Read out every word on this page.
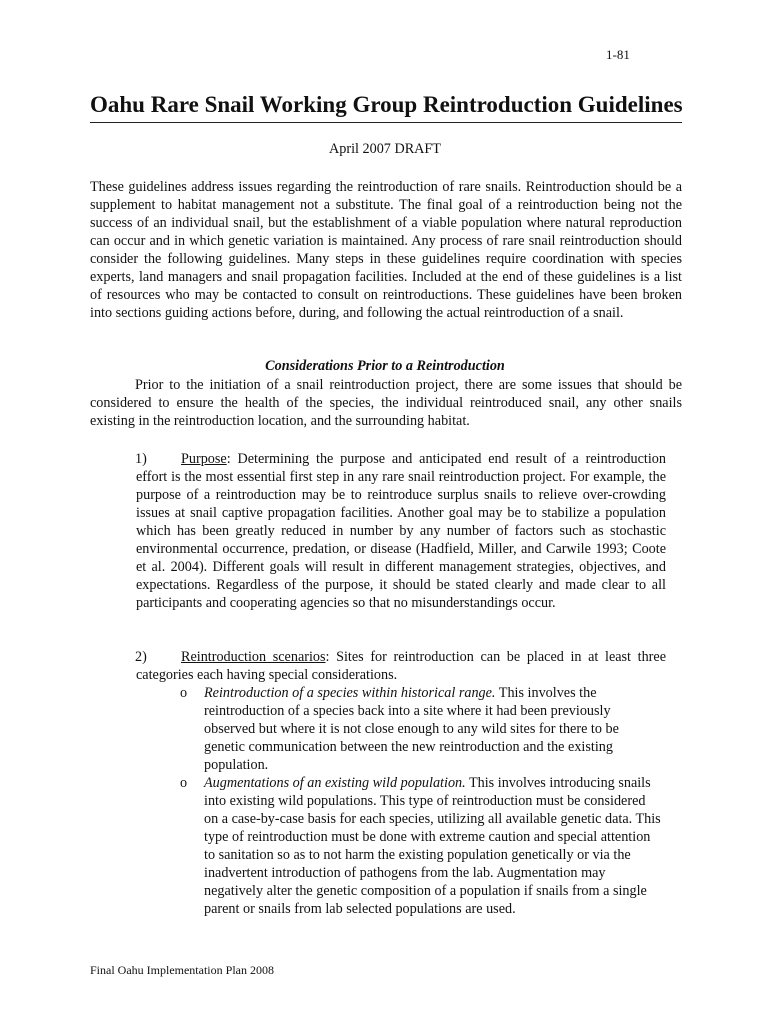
1-81
Oahu Rare Snail Working Group Reintroduction Guidelines
April 2007 DRAFT

These guidelines address issues regarding the reintroduction of rare snails. Reintroduction should be a supplement to habitat management not a substitute. The final goal of a reintroduction being not the success of an individual snail, but the establishment of a viable population where natural reproduction can occur and in which genetic variation is maintained. Any process of rare snail reintroduction should consider the following guidelines. Many steps in these guidelines require coordination with species experts, land managers and snail propagation facilities. Included at the end of these guidelines is a list of resources who may be contacted to consult on reintroductions. These guidelines have been broken into sections guiding actions before, during, and following the actual reintroduction of a snail.

Considerations Prior to a Reintroduction

Prior to the initiation of a snail reintroduction project, there are some issues that should be considered to ensure the health of the species, the individual reintroduced snail, any other snails existing in the reintroduction location, and the surrounding habitat.

1) Purpose: Determining the purpose and anticipated end result of a reintroduction effort is the most essential first step in any rare snail reintroduction project. For example, the purpose of a reintroduction may be to reintroduce surplus snails to relieve over-crowding issues at snail captive propagation facilities. Another goal may be to stabilize a population which has been greatly reduced in number by any number of factors such as stochastic environmental occurrence, predation, or disease (Hadfield, Miller, and Carwile 1993; Coote et al. 2004). Different goals will result in different management strategies, objectives, and expectations. Regardless of the purpose, it should be stated clearly and made clear to all participants and cooperating agencies so that no misunderstandings occur.

2) Reintroduction scenarios: Sites for reintroduction can be placed in at least three categories each having special considerations.

o Reintroduction of a species within historical range. This involves the reintroduction of a species back into a site where it had been previously observed but where it is not close enough to any wild sites for there to be genetic communication between the new reintroduction and the existing population.
o Augmentations of an existing wild population. This involves introducing snails into existing wild populations. This type of reintroduction must be considered on a case-by-case basis for each species, utilizing all available genetic data. This type of reintroduction must be done with extreme caution and special attention to sanitation so as to not harm the existing population genetically or via the inadvertent introduction of pathogens from the lab. Augmentation may negatively alter the genetic composition of a population if snails from a single parent or snails from lab selected populations are used.
Final Oahu Implementation Plan 2008
